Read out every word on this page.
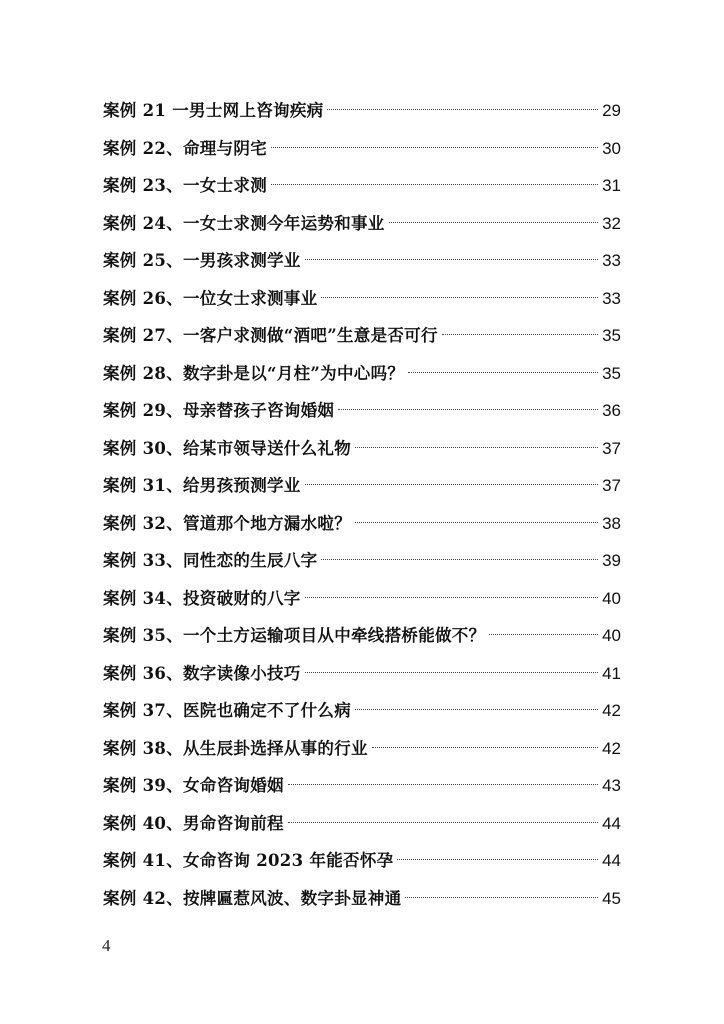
案例 21 一男士网上咨询疾病	29
案例 22、命理与阴宅	30
案例 23、一女士求测	31
案例 24、一女士求测今年运势和事业	32
案例 25、一男孩求测学业	33
案例 26、一位女士求测事业	33
案例 27、一客户求测做“酒吧”生意是否可行	35
案例 28、数字卦是以“月柱”为中心吗？	35
案例 29、母亲替孩子咨询婚姻	36
案例 30、给某市领导送什么礼物	37
案例 31、给男孩预测学业	37
案例 32、管道那个地方漏水啦？	38
案例 33、同性恋的生辰八字	39
案例 34、投资破财的八字	40
案例 35、一个土方运输项目从中牵线搭桥能做不？	40
案例 36、数字读像小技巧	41
案例 37、医院也确定不了什么病	42
案例 38、从生辰卦选择从事的行业	42
案例 39、女命咨询婚姻	43
案例 40、男命咨询前程	44
案例 41、女命咨询 2023 年能否怀孕	44
案例 42、按牌匾惹风波、数字卦显神通	45
4
